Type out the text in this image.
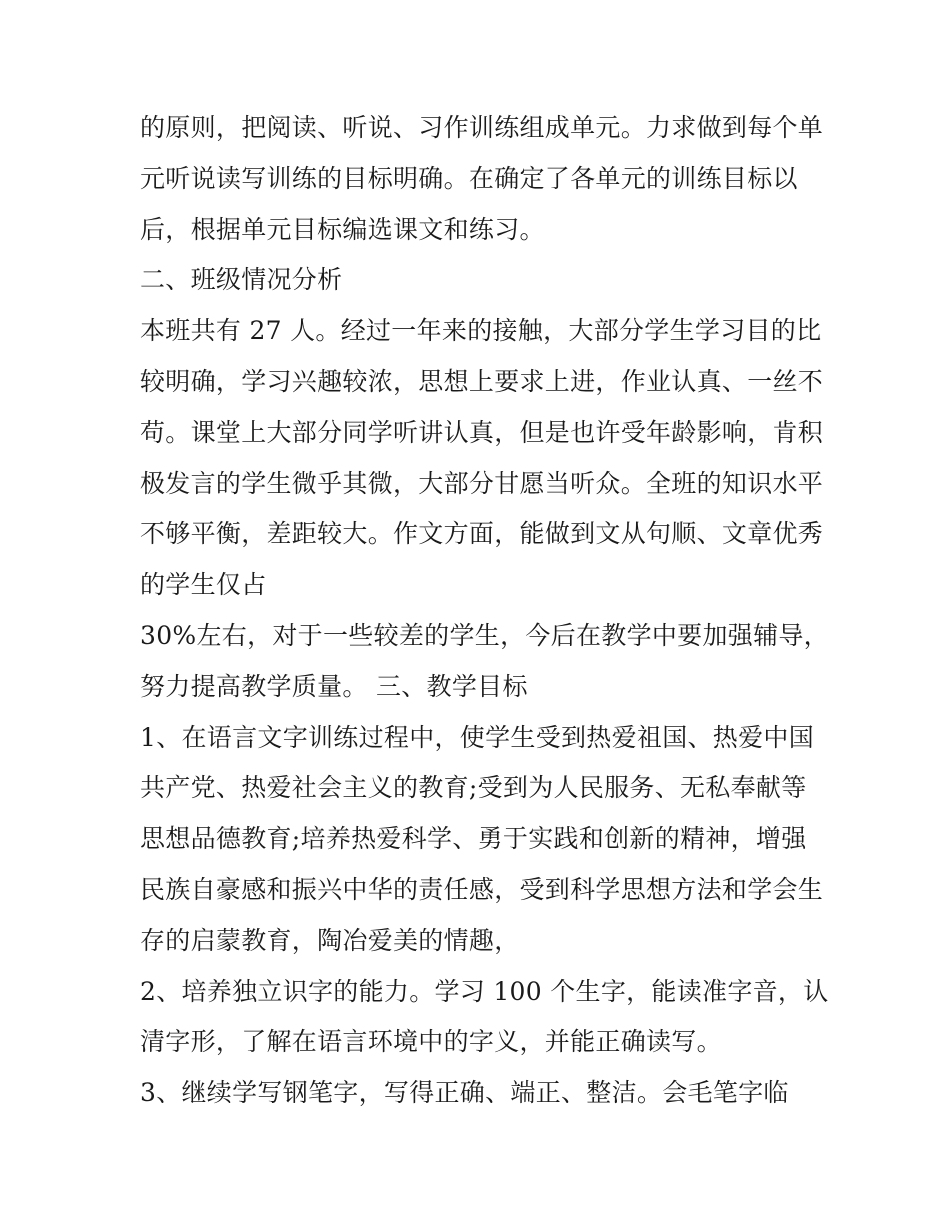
的原则，把阅读、听说、习作训练组成单元。力求做到每个单
元听说读写训练的目标明确。在确定了各单元的训练目标以
后，根据单元目标编选课文和练习。
二、班级情况分析
本班共有 27 人。经过一年来的接触，大部分学生学习目的比
较明确，学习兴趣较浓，思想上要求上进，作业认真、一丝不
苟。课堂上大部分同学听讲认真，但是也许受年龄影响，肯积
极发言的学生微乎其微，大部分甘愿当听众。全班的知识水平
不够平衡，差距较大。作文方面，能做到文从句顺、文章优秀
的学生仅占
30%左右，对于一些较差的学生，今后在教学中要加强辅导，
努力提高教学质量。 三、教学目标
1、在语言文字训练过程中，使学生受到热爱祖国、热爱中国
共产党、热爱社会主义的教育;受到为人民服务、无私奉献等
思想品德教育;培养热爱科学、勇于实践和创新的精神，增强
民族自豪感和振兴中华的责任感，受到科学思想方法和学会生
存的启蒙教育，陶冶爱美的情趣，
2、培养独立识字的能力。学习 100 个生字，能读准字音，认
清字形，了解在语言环境中的字义，并能正确读写。
3、继续学写钢笔字，写得正确、端正、整洁。会毛笔字临
